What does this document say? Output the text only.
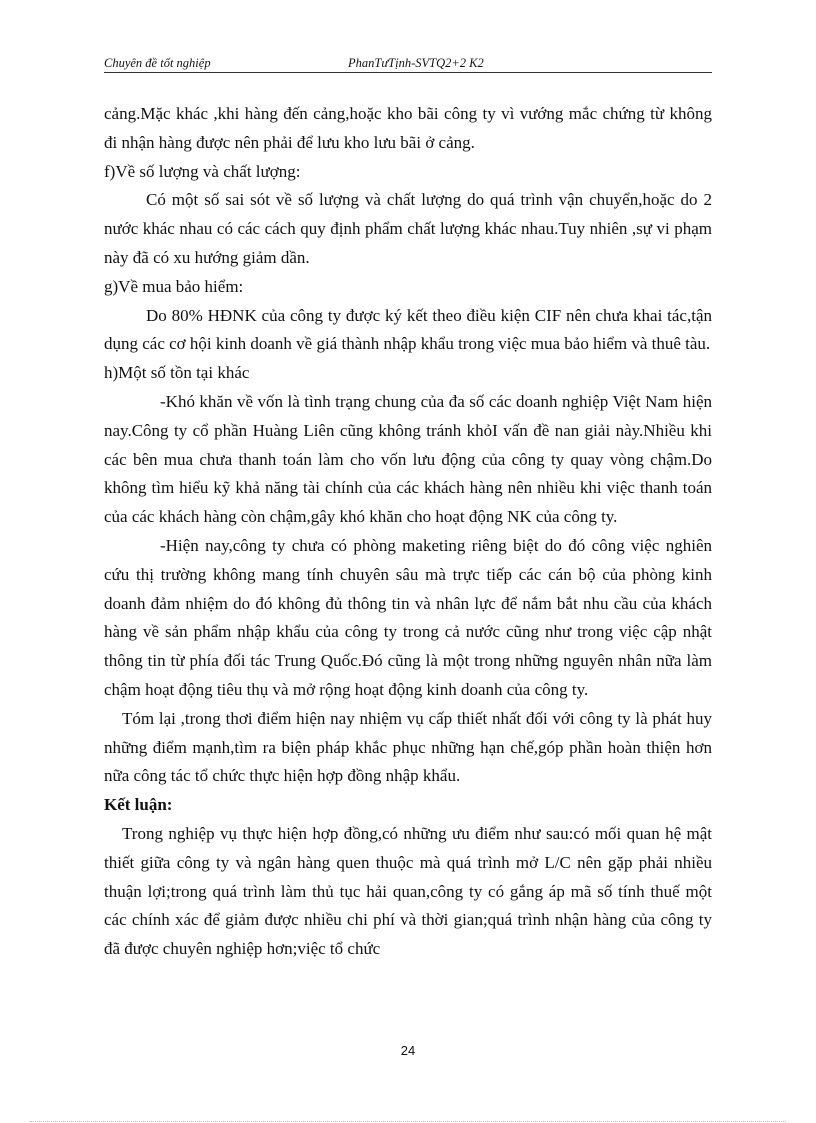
Chuyên đề tốt nghiệp	PhanTưTịnh-SVTQ2+2 K2

cảng.Mặc khác ,khi hàng đến cảng,hoặc kho bãi công ty vì vướng mắc chứng từ không đi nhận hàng được nên phải để lưu kho lưu bãi ở cảng.

f)Về số lượng và chất lượng:

Có một số sai sót về số lượng và chất lượng do quá trình vận chuyển,hoặc do 2 nước khác nhau có các cách quy định phẩm chất lượng khác nhau.Tuy nhiên ,sự vi phạm này đã có xu hướng giảm dần.

g)Về mua bảo hiểm:

Do 80% HĐNK của công ty được ký kết theo điều kiện CIF nên chưa khai tác,tận dụng các cơ hội kinh doanh về giá thành nhập khẩu trong việc mua bảo hiểm và thuê tàu.

h)Một số tồn tại khác

-Khó khăn về vốn là tình trạng chung của đa số các doanh nghiệp Việt Nam hiện nay.Công ty cổ phần Huàng Liên cũng không tránh khỏI vấn đề nan giải này.Nhiều khi các bên mua chưa thanh toán làm cho vốn lưu động của công ty quay vòng chậm.Do không tìm hiểu kỹ khả năng tài chính của các khách hàng nên nhiều khi việc thanh toán của các khách hàng còn chậm,gây khó khăn cho hoạt động NK của công ty.

-Hiện nay,công ty chưa có phòng maketing riêng biệt do đó công việc nghiên cứu thị trường không mang tính chuyên sâu mà trực tiếp các cán bộ của phòng kinh doanh đảm nhiệm do đó không đủ thông tin và nhân lực để nắm bắt nhu cầu của khách hàng về sản phẩm nhập khẩu của công ty trong cả nước cũng như trong việc cập nhật thông tin từ phía đối tác Trung Quốc.Đó cũng là một trong những nguyên nhân nữa làm chậm hoạt động tiêu thụ và mở rộng hoạt động kinh doanh của công ty.

Tóm lại ,trong thơi điểm hiện nay nhiệm vụ cấp thiết nhất đối với công ty là phát huy những điểm mạnh,tìm ra biện pháp khắc phục những hạn chế,góp phần hoàn thiện hơn nữa công tác tổ chức thực hiện hợp đồng nhập khẩu.

Kết luận:

Trong nghiệp vụ thực hiện hợp đồng,có những ưu điểm như sau:có mối quan hệ mật thiết giữa công ty và ngân hàng quen thuộc mà quá trình mở L/C nên gặp phải nhiều thuận lợi;trong quá trình làm thủ tục hải quan,công ty có gắng áp mã số tính thuế một các chính xác để giảm được nhiều chi phí và thời gian;quá trình nhận hàng của công ty đã được chuyên nghiệp hơn;việc tổ chức

24
